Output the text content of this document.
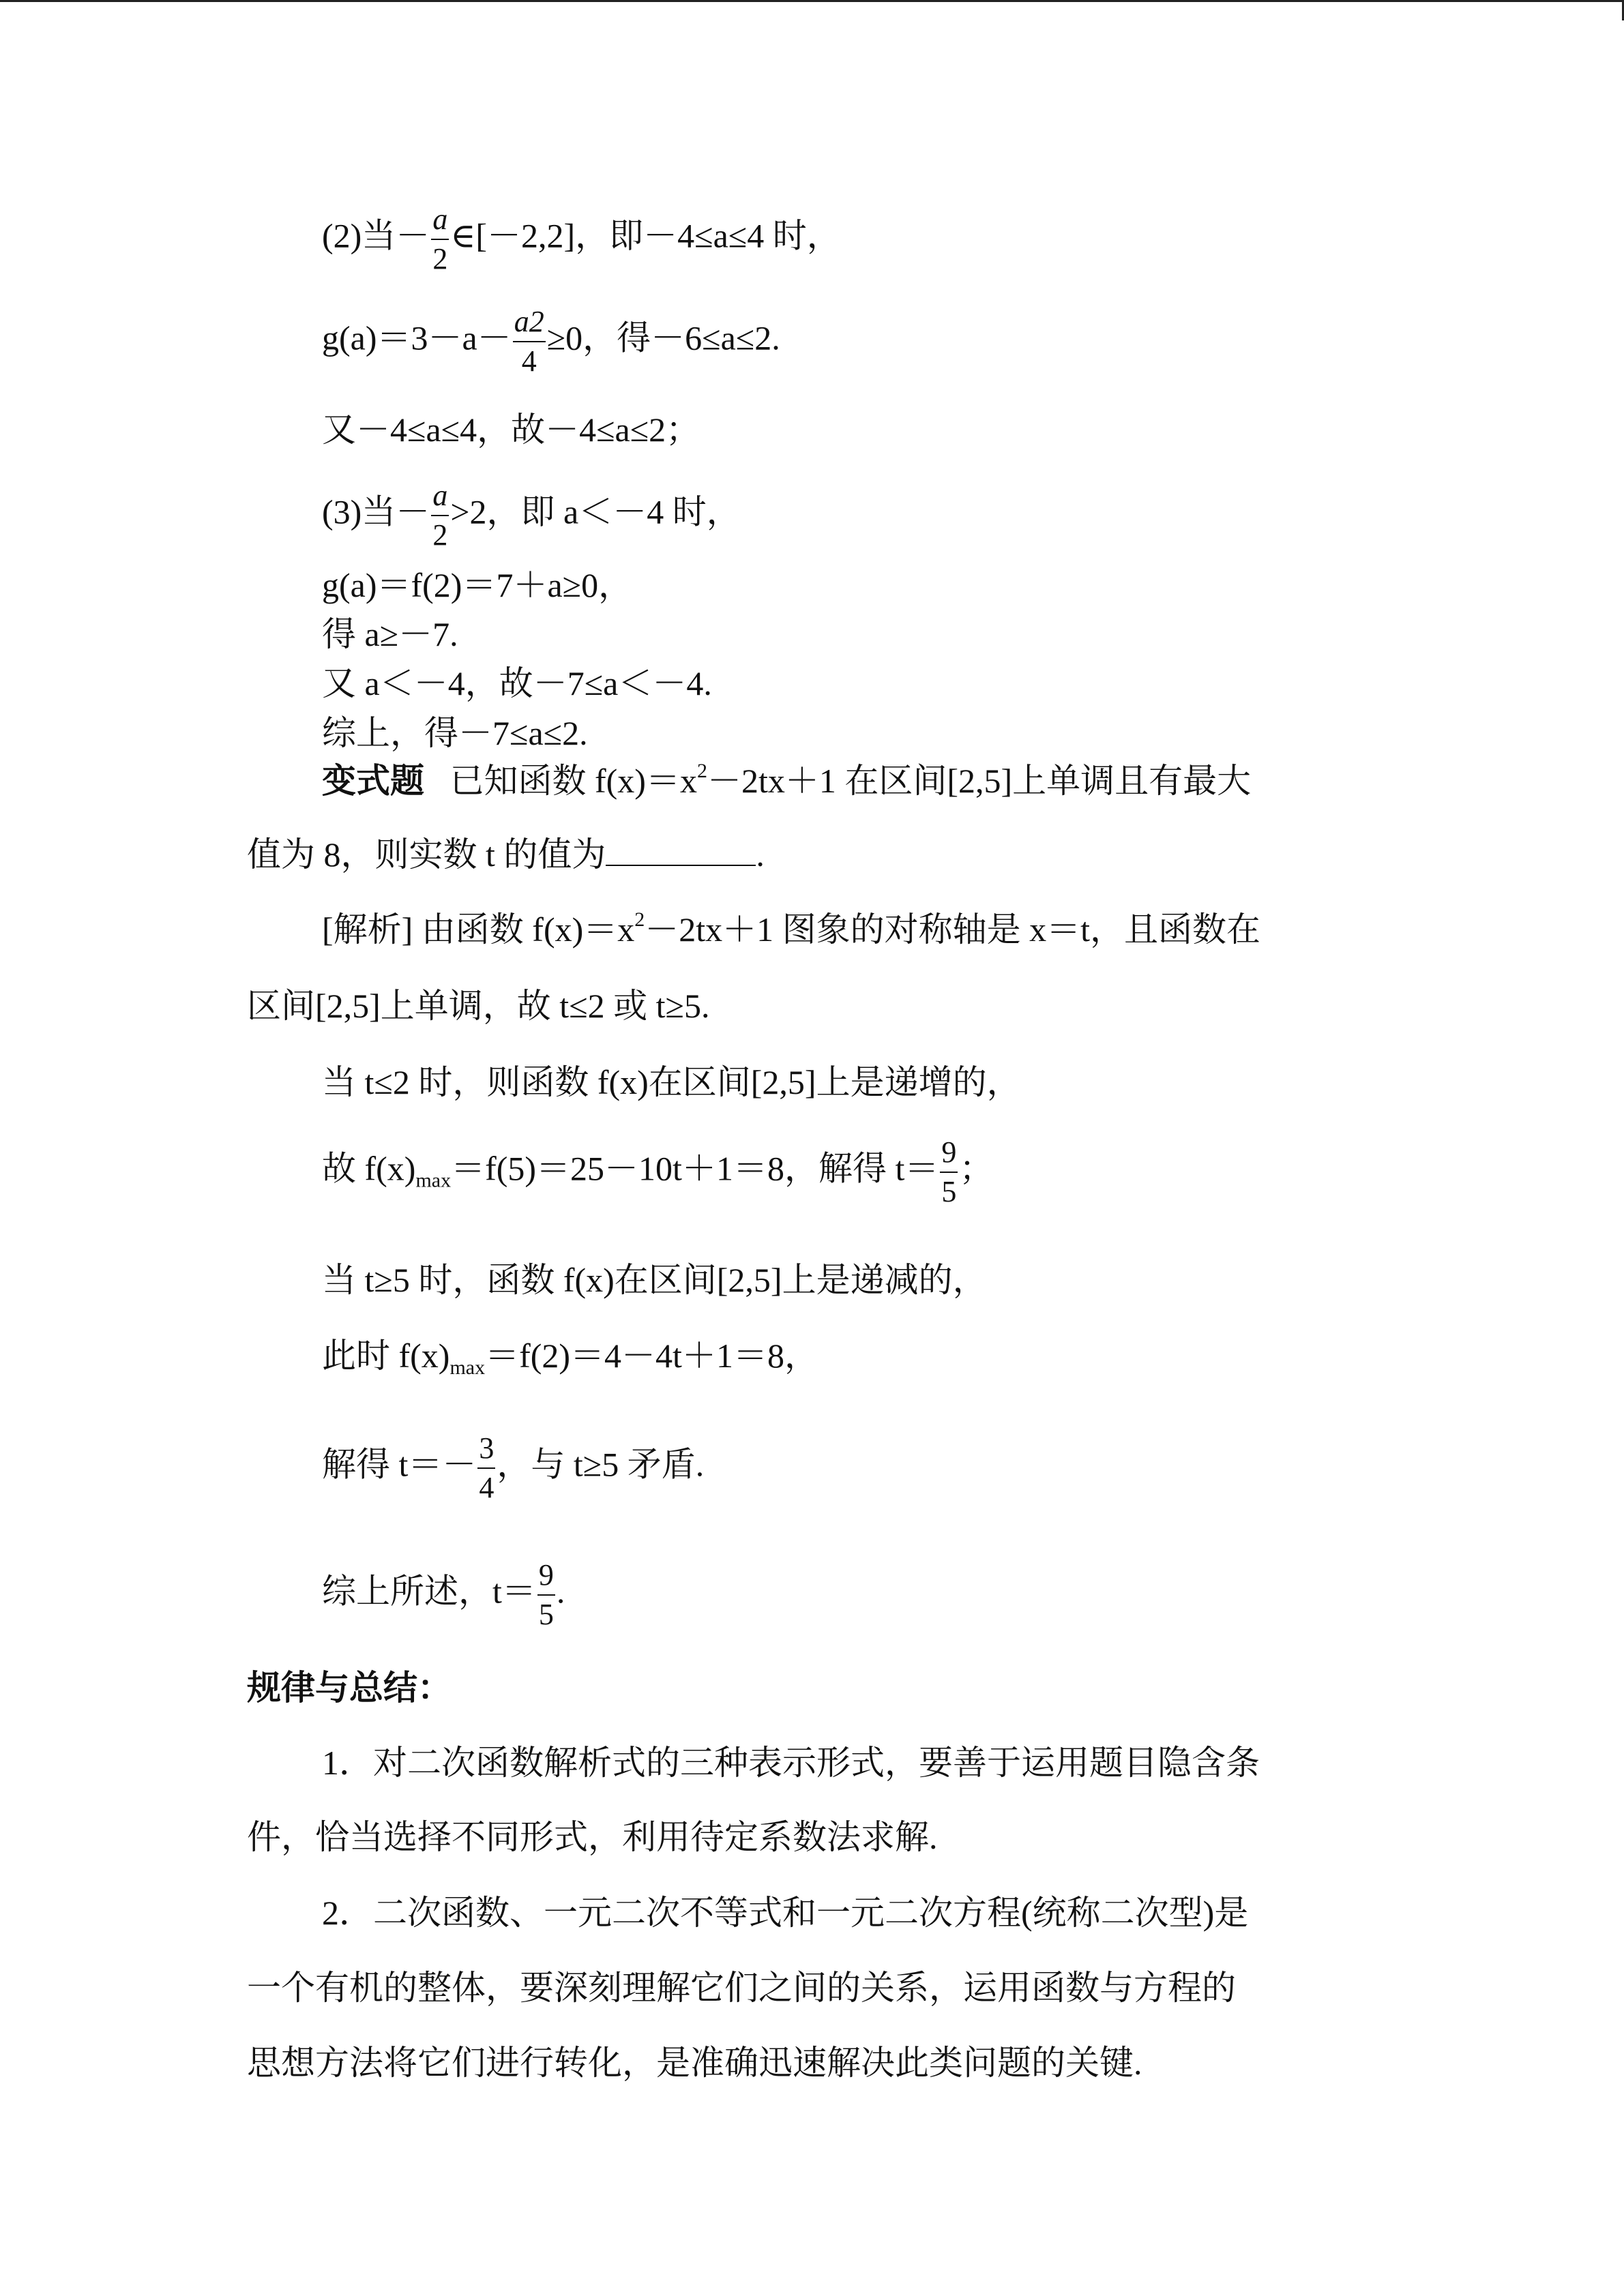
(2)当－ $\frac{a}{2}$ ∈[－2,2]，即－4≤a≤4 时，
$g(a)=3-a- \frac{a2}{4} \ge 0$，得－6≤a≤2.
又－4≤a≤4，故－4≤a≤2；
(3)当－ $\frac{a}{2} >2$，即 a＜－4 时，
g(a)＝f(2)＝7＋a≥0，
得 a≥－7.
又 a＜－4，故－7≤a＜－4.
综上，得－7≤a≤2.
变式题 已知函数 $f(x)=x^2-2tx+1$ 在区间[2,5]上单调且有最大
值为 8，则实数 t 的值为	.
[解析] 由函数 $f(x)=x^2-2tx+1$ 图象的对称轴是 x＝t，且函数在
区间[2,5]上单调，故 t≤2 或 t≥5.
当 t≤2 时，则函数 f(x)在区间[2,5]上是递增的，
故 $f(x)_{max}=f(5)=25-10t+1=8$，解得 $t= \frac{9}{5}$ ；
当 t≥5 时，函数 f(x)在区间[2,5]上是递减的，
此时 $f(x)_{max}=f(2)=4-4t+1=8$，
解得 $t=- \frac{3}{4}$ ，与 t≥5 矛盾.
综上所述，$t= \frac{9}{5}$ .
规律与总结：
1．对二次函数解析式的三种表示形式，要善于运用题目隐含条
件，恰当选择不同形式，利用待定系数法求解.
2．二次函数、一元二次不等式和一元二次方程(统称二次型)是
一个有机的整体，要深刻理解它们之间的关系，运用函数与方程的
思想方法将它们进行转化，是准确迅速解决此类问题的关键.
